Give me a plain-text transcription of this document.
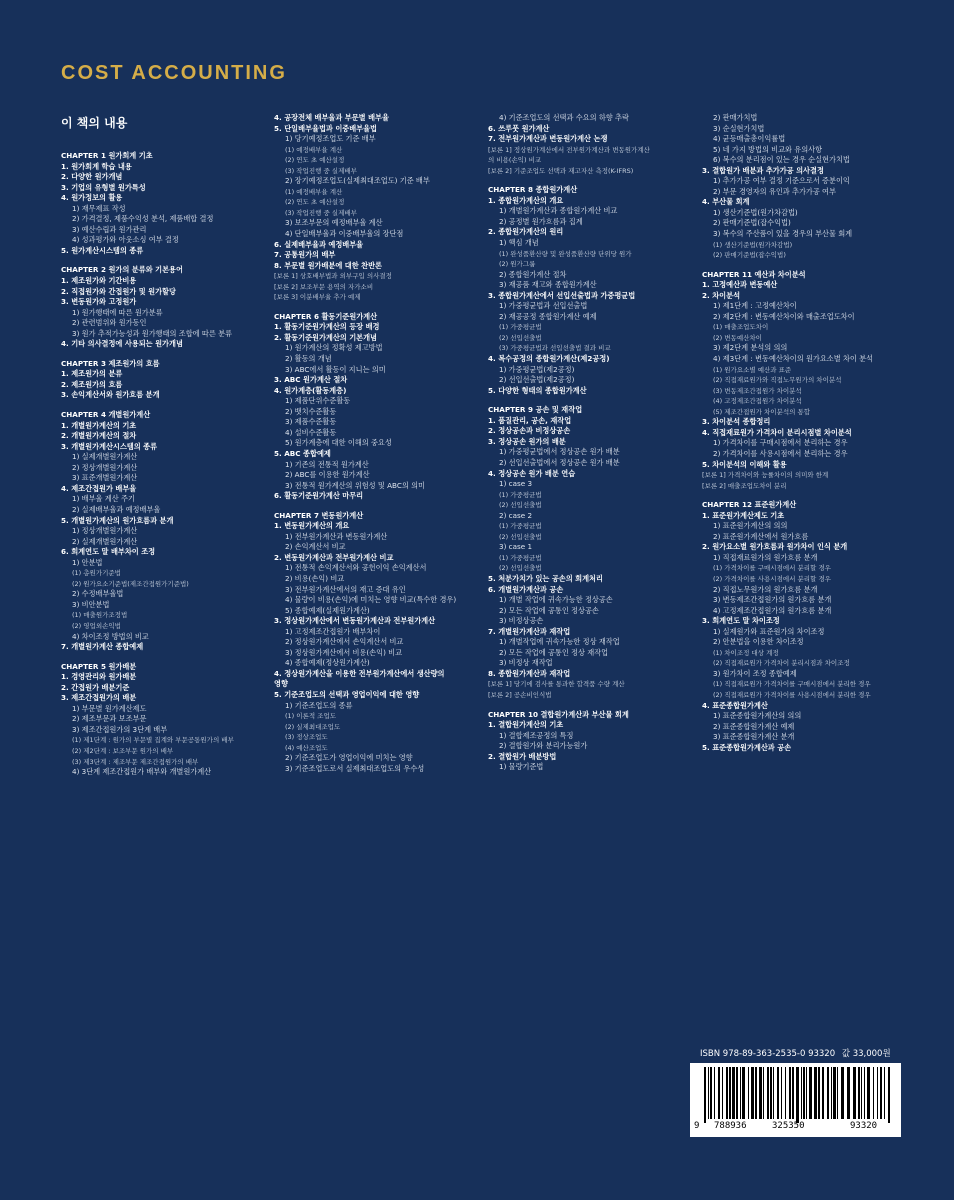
COST ACCOUNTING
이 책의 내용
CHAPTER 1 원가회계 기초
1. 원가회계 학습 내용
2. 다양한 원가개념
3. 기업의 유형별 원가특성
4. 원가정보의 활용
1) 재무제표 작성
2) 가격결정, 제품수익성 분석, 제품배합 결정
3) 예산수립과 원가관리
4) 성과평가와 아웃소싱 여부 결정
5. 원가계산시스템의 종류
CHAPTER 2 원가의 분류와 기본용어
1. 제조원가와 기간비용
2. 직접원가와 간접원가 및 원가할당
3. 변동원가와 고정원가
1) 원가행태에 따른 원가분류
2) 관련범위와 원가동인
3) 원가 추적가능성과 원가행태의 조합에 따른 분류
4. 기타 의사결정에 사용되는 원가개념
CHAPTER 3 제조원가의 흐름
1. 제조원가의 분류
2. 제조원가의 흐름
3. 손익계산서와 원가흐름 분개
CHAPTER 4 개별원가계산
1. 개별원가계산의 기초
2. 개별원가계산의 절차
3. 개별원가계산시스템의 종류
1) 실제개별원가계산
2) 정상개별원가계산
3) 표준개별원가계산
4. 제조간접원가 배부율
1) 배부율 계산 주기
2) 실제배부율과 예정배부율
5. 개별원가계산의 원가흐름과 분개
1) 정상개별원가계산
2) 실제개별원가계산
6. 회계연도 말 배부차이 조정
1) 안분법
(1) 총원가기준법
(2) 원가요소기준법(제조간접원가기준법)
2) 수정배부율법
3) 비안분법
(1) 매출원가조정법
(2) 영업외손익법
4) 차이조정 방법의 비교
7. 개별원가계산 종합예제
CHAPTER 5 원가배분
1. 경영관리와 원가배분
2. 간접원가 배분기준
3. 제조간접원가의 배분
1) 부문별 원가계산제도
2) 제조부문과 보조부문
3) 제조간접원가의 3단계 배부
(1) 제1단계 : 원가의 부문별 집계와 부문공통원가의 배부
(2) 제2단계 : 보조부문 원가의 배부
(3) 제3단계 : 제조부문 제조간접원가의 배부
4) 3단계 제조간접원가 배부와 개별원가계산
4. 공장전체 배부율과 부문별 배부율
5. 단일배부율법과 이중배부율법
1) 당기예정조업도 기준 배부
(1) 예정배부율 계산
(2) 연도 초 예산설정
(3) 작업진행 중 실제배부
2) 장기예정조업도(실제최대조업도) 기준 배부
(1) 예정배부율 계산
(2) 연도 초 예산설정
(3) 작업진행 중 실제배부
3) 보조부문의 예정배부율 계산
4) 단일배부율과 이중배부율의 장단점
6. 실제배부율과 예정배부율
7. 공통원가의 배부
8. 부문별 원가배분에 대한 찬반론
[보론 1] 상호배부법과 외부구입 의사결정
[보론 2] 보조부문 용역의 자가소비
[보론 3] 이분배부율 추가 예제
CHAPTER 6 활동기준원가계산
1. 활동기준원가계산의 등장 배경
2. 활동기준원가계산의 기본개념
1) 원가계산의 정확성 제고방법
2) 활동의 개념
3) ABC에서 활동이 지니는 의미
3. ABC 원가계산 절차
4. 원가계층(활동계층)
1) 제품단위수준활동
2) 뱃치수준활동
3) 제품수준활동
4) 설비수준활동
5) 원가계층에 대한 이해의 중요성
5. ABC 종합예제
1) 기존의 전통적 원가계산
2) ABC를 이용한 원가계산
3) 전통적 원가계산의 위험성 및 ABC의 의미
6. 활동기준원가계산 마무리
CHAPTER 7 변동원가계산
1. 변동원가계산의 개요
1) 전부원가계산과 변동원가계산
2) 손익계산서 비교
2. 변동원가계산과 전부원가계산 비교
1) 전통적 손익계산서와 공헌이익 손익계산서
2) 비용(손익) 비교
3) 전부원가계산에서의 재고 증대 유인
4) 물량이 비용(손익)에 미치는 영향 비교(특수한 경우)
5) 종합예제(실제원가계산)
3. 정상원가계산에서 변동원가계산과 전부원가계산
1) 고정제조간접원가 배부차이
2) 정상원가계산에서 손익계산서 비교
3) 정상원가계산에서 비용(손익) 비교
4) 종합예제(정상원가계산)
4. 정상원가계산을 이용한 전부원가계산에서 생산량의
영향
5. 기준조업도의 선택과 영업이익에 대한 영향
1) 기준조업도의 종류
(1) 이론적 조업도
(2) 실제최대조업도
(3) 정상조업도
(4) 예산조업도
2) 기준조업도가 영업이익에 미치는 영향
3) 기준조업도로서 실제최대조업도의 우수성
4) 기준조업도의 선택과 수요의 하향 추락
6. 쓰루풋 원가계산
7. 전부원가계산과 변동원가계산 논쟁
[보론 1] 정상원가계산에서 전부원가계산과 변동원가계산
의 비용(손익) 비교
[보론 2] 기준조업도 선택과 재고자산 측정(K-IFRS)
CHAPTER 8 종합원가계산
1. 종합원가계산의 개요
1) 개별원가계산과 종합원가계산 비교
2) 공정별 원가흐름과 집계
2. 종합원가계산의 원리
1) 핵심 개념
(1) 완성품환산량 및 완성품환산량 단위당 원가
(2) 원가그룹
2) 종합원가계산 절차
3) 재공품 재고와 종합원가계산
3. 종합원가계산에서 선입선출법과 가중평균법
1) 가중평균법과 선입선출법
2) 재공공정 종합원가계산 예제
(1) 가중평균법
(2) 선입선출법
(3) 가중평균법과 선입선출법 결과 비교
4. 복수공정의 종합원가계산(제2공정)
1) 가중평균법(제2공정)
2) 선입선출법(제2공정)
5. 다양한 형태의 종합원가계산
CHAPTER 9 공손 및 재작업
1. 품질관리, 공손, 재작업
2. 정상공손과 비정상공손
3. 정상공손 원가의 배분
1) 가중평균법에서 정상공손 원가 배분
2) 선입선출법에서 정상공손 원가 배분
4. 정상공손 원가 배분 연습
1) case 3
(1) 가중평균법
(2) 선입선출법
2) case 2
(1) 가중평균법
(2) 선입선출법
3) case 1
(1) 가중평균법
(2) 선입선출법
5. 처분가치가 있는 공손의 회계처리
6. 개별원가계산과 공손
1) 개별 작업에 귀속가능한 정상공손
2) 모든 작업에 공통인 정상공손
3) 비정상공손
7. 개별원가계산과 재작업
1) 개별작업에 귀속가능한 정상 재작업
2) 모든 작업에 공통인 정상 재작업
3) 비정상 재작업
8. 종합원가계산과 재작업
[보론 1] 당기에 검사를 통과한 합격품 수량 계산
[보론 2] 공손비인식법
CHAPTER 10 결합원가계산과 부산물 회계
1. 결합원가계산의 기초
1) 결합제조공정의 특징
2) 결합원가와 분리가능원가
2. 결합원가 배분방법
1) 물량기준법
2) 판매가치법
3) 순실현가치법
4) 균등매출총이익률법
5) 네 가지 방법의 비교와 유의사항
6) 복수의 분리점이 있는 경우 순실현가치법
3. 결합원가 배분과 추가가공 의사결정
1) 추가가공 여부 결정 기준으로서 증분이익
2) 부문 경영자의 유인과 추가가공 여부
4. 부산물 회계
1) 생산기준법(원가차감법)
2) 판매기준법(잡수익법)
3) 복수의 주산품이 있을 경우의 부산물 회계
(1) 생산기준법(원가차감법)
(2) 판매기준법(잡수익법)
CHAPTER 11 예산과 차이분석
1. 고정예산과 변동예산
2. 차이분석
1) 제1단계 : 고정예산차이
2) 제2단계 : 변동예산차이와 매출조업도차이
(1) 매출조업도차이
(2) 변동예산차이
3) 제2단계 분석의 의의
4) 제3단계 : 변동예산차이의 원가요소별 차이 분석
(1) 원가요소별 예산과 표준
(2) 직접재료원가와 직접노무원가의 차이분석
(3) 변동제조간접원가 차이분석
(4) 고정제조간접원가 차이분석
(5) 제조간접원가 차이분석의 통합
3. 차이분석 종합정리
4. 직접재료원가 가격차이 분리시점별 차이분석
1) 가격차이를 구매시점에서 분리하는 경우
2) 가격차이를 사용시점에서 분리하는 경우
5. 차이분석의 이해와 활용
[보론 1] 가격차이와 능률차이의 의미와 한계
[보론 2] 매출조업도차이 분리
CHAPTER 12 표준원가계산
1. 표준원가계산제도 기초
1) 표준원가계산의 의의
2) 표준원가계산에서 원가흐름
2. 원가요소별 원가흐름과 원가차이 인식 분개
1) 직접재료원가의 원가흐름 분개
(1) 가격차이를 구매시점에서 분리할 경우
(2) 가격차이를 사용시점에서 분리할 경우
2) 직접노무원가의 원가흐름 분개
3) 변동제조간접원가의 원가흐름 분개
4) 고정제조간접원가의 원가흐름 분개
3. 회계연도 말 차이조정
1) 실제원가와 표준원가의 차이조정
2) 안분법을 이용한 차이조정
(1) 차이조정 대상 계정
(2) 직접재료원가 가격차이 분리시점과 차이조정
3) 원가차이 조정 종합예제
(1) 직접재료원가 가격차이를 구매시점에서 분리한 경우
(2) 직접재료원가 가격차이를 사용시점에서 분리한 경우
4. 표준종합원가계산
1) 표준종합원가계산의 의의
2) 표준종합원가계산 예제
3) 표준종합원가계산 분개
5. 표준종합원가계산과 공손
ISBN 978-89-363-2535-0 93320 값 33,000원
9 788936	325350	93320
